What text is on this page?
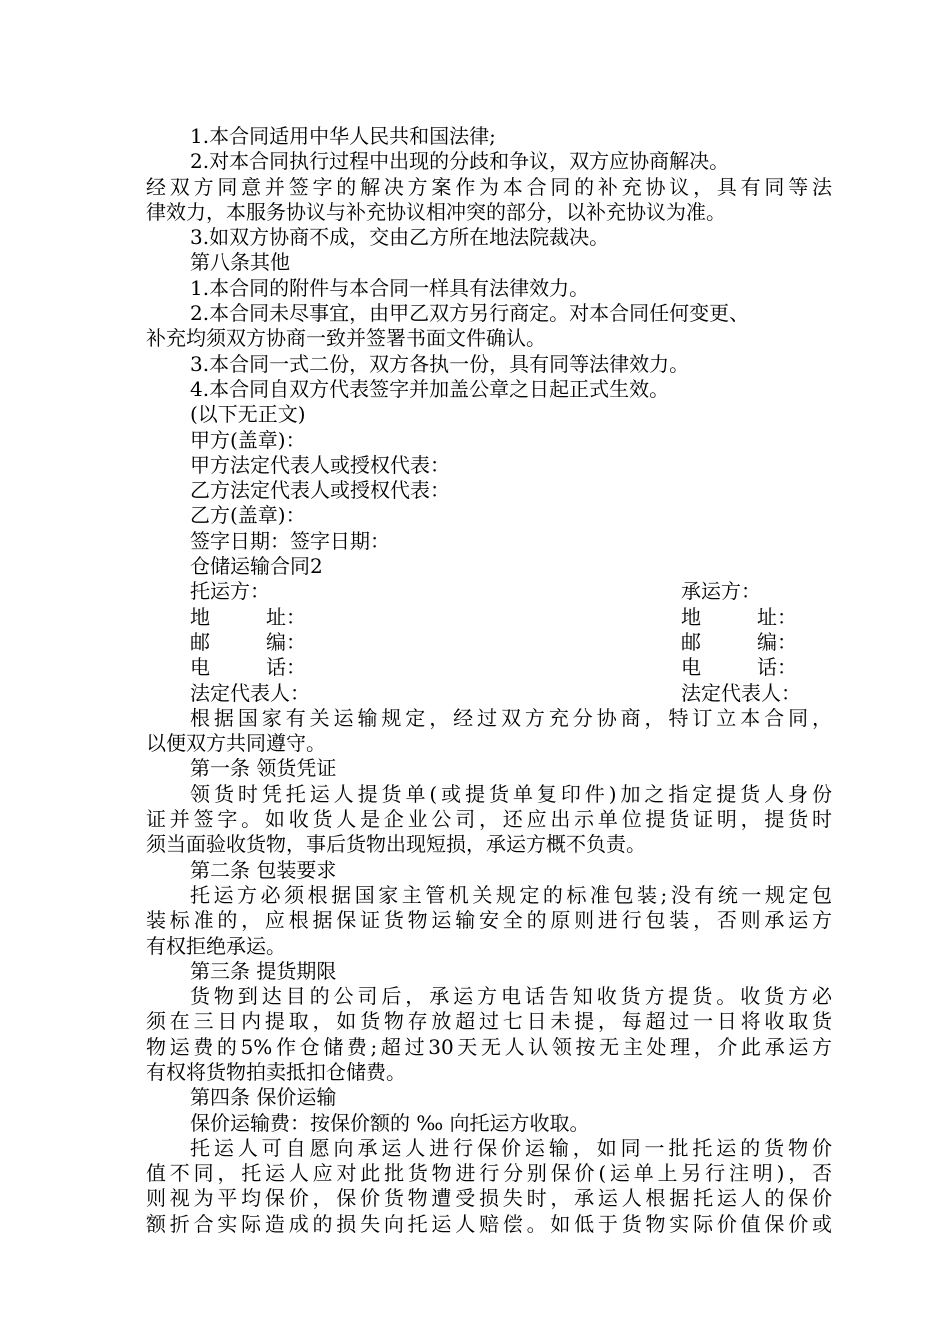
1.本合同适用中华人民共和国法律;
2.对本合同执行过程中出现的分歧和争议，双方应协商解决。
经双方同意并签字的解决方案作为本合同的补充协议，具有同等法
律效力，本服务协议与补充协议相冲突的部分，以补充协议为准。
3.如双方协商不成，交由乙方所在地法院裁决。
第八条其他
1.本合同的附件与本合同一样具有法律效力。
2.本合同未尽事宜，由甲乙双方另行商定。对本合同任何变更、
补充均须双方协商一致并签署书面文件确认。
3.本合同一式二份，双方各执一份，具有同等法律效力。
4.本合同自双方代表签字并加盖公章之日起正式生效。
(以下无正文)
甲方(盖章)：
甲方法定代表人或授权代表：
乙方法定代表人或授权代表：
乙方(盖章)：
签字日期：签字日期：
仓储运输合同2
托运方：	承运方：
地	址：	地	址：
邮	编：	邮	编：
电	话：	电	话：
法定代表人：	法定代表人：
根据国家有关运输规定，经过双方充分协商，特订立本合同，
以便双方共同遵守。
第一条 领货凭证
领货时凭托运人提货单(或提货单复印件)加之指定提货人身份
证并签字。如收货人是企业公司，还应出示单位提货证明，提货时
须当面验收货物，事后货物出现短损，承运方概不负责。
第二条 包装要求
托运方必须根据国家主管机关规定的标准包装;没有统一规定包
装标准的，应根据保证货物运输安全的原则进行包装，否则承运方
有权拒绝承运。
第三条 提货期限
货物到达目的公司后，承运方电话告知收货方提货。收货方必
须在三日内提取，如货物存放超过七日未提，每超过一日将收取货
物运费的5%作仓储费;超过30天无人认领按无主处理，介此承运方
有权将货物拍卖抵扣仓储费。
第四条 保价运输
保价运输费：按保价额的 ‰ 向托运方收取。
托运人可自愿向承运人进行保价运输，如同一批托运的货物价
值不同，托运人应对此批货物进行分别保价(运单上另行注明)，否
则视为平均保价，保价货物遭受损失时，承运人根据托运人的保价
额折合实际造成的损失向托运人赔偿。如低于货物实际价值保价或
